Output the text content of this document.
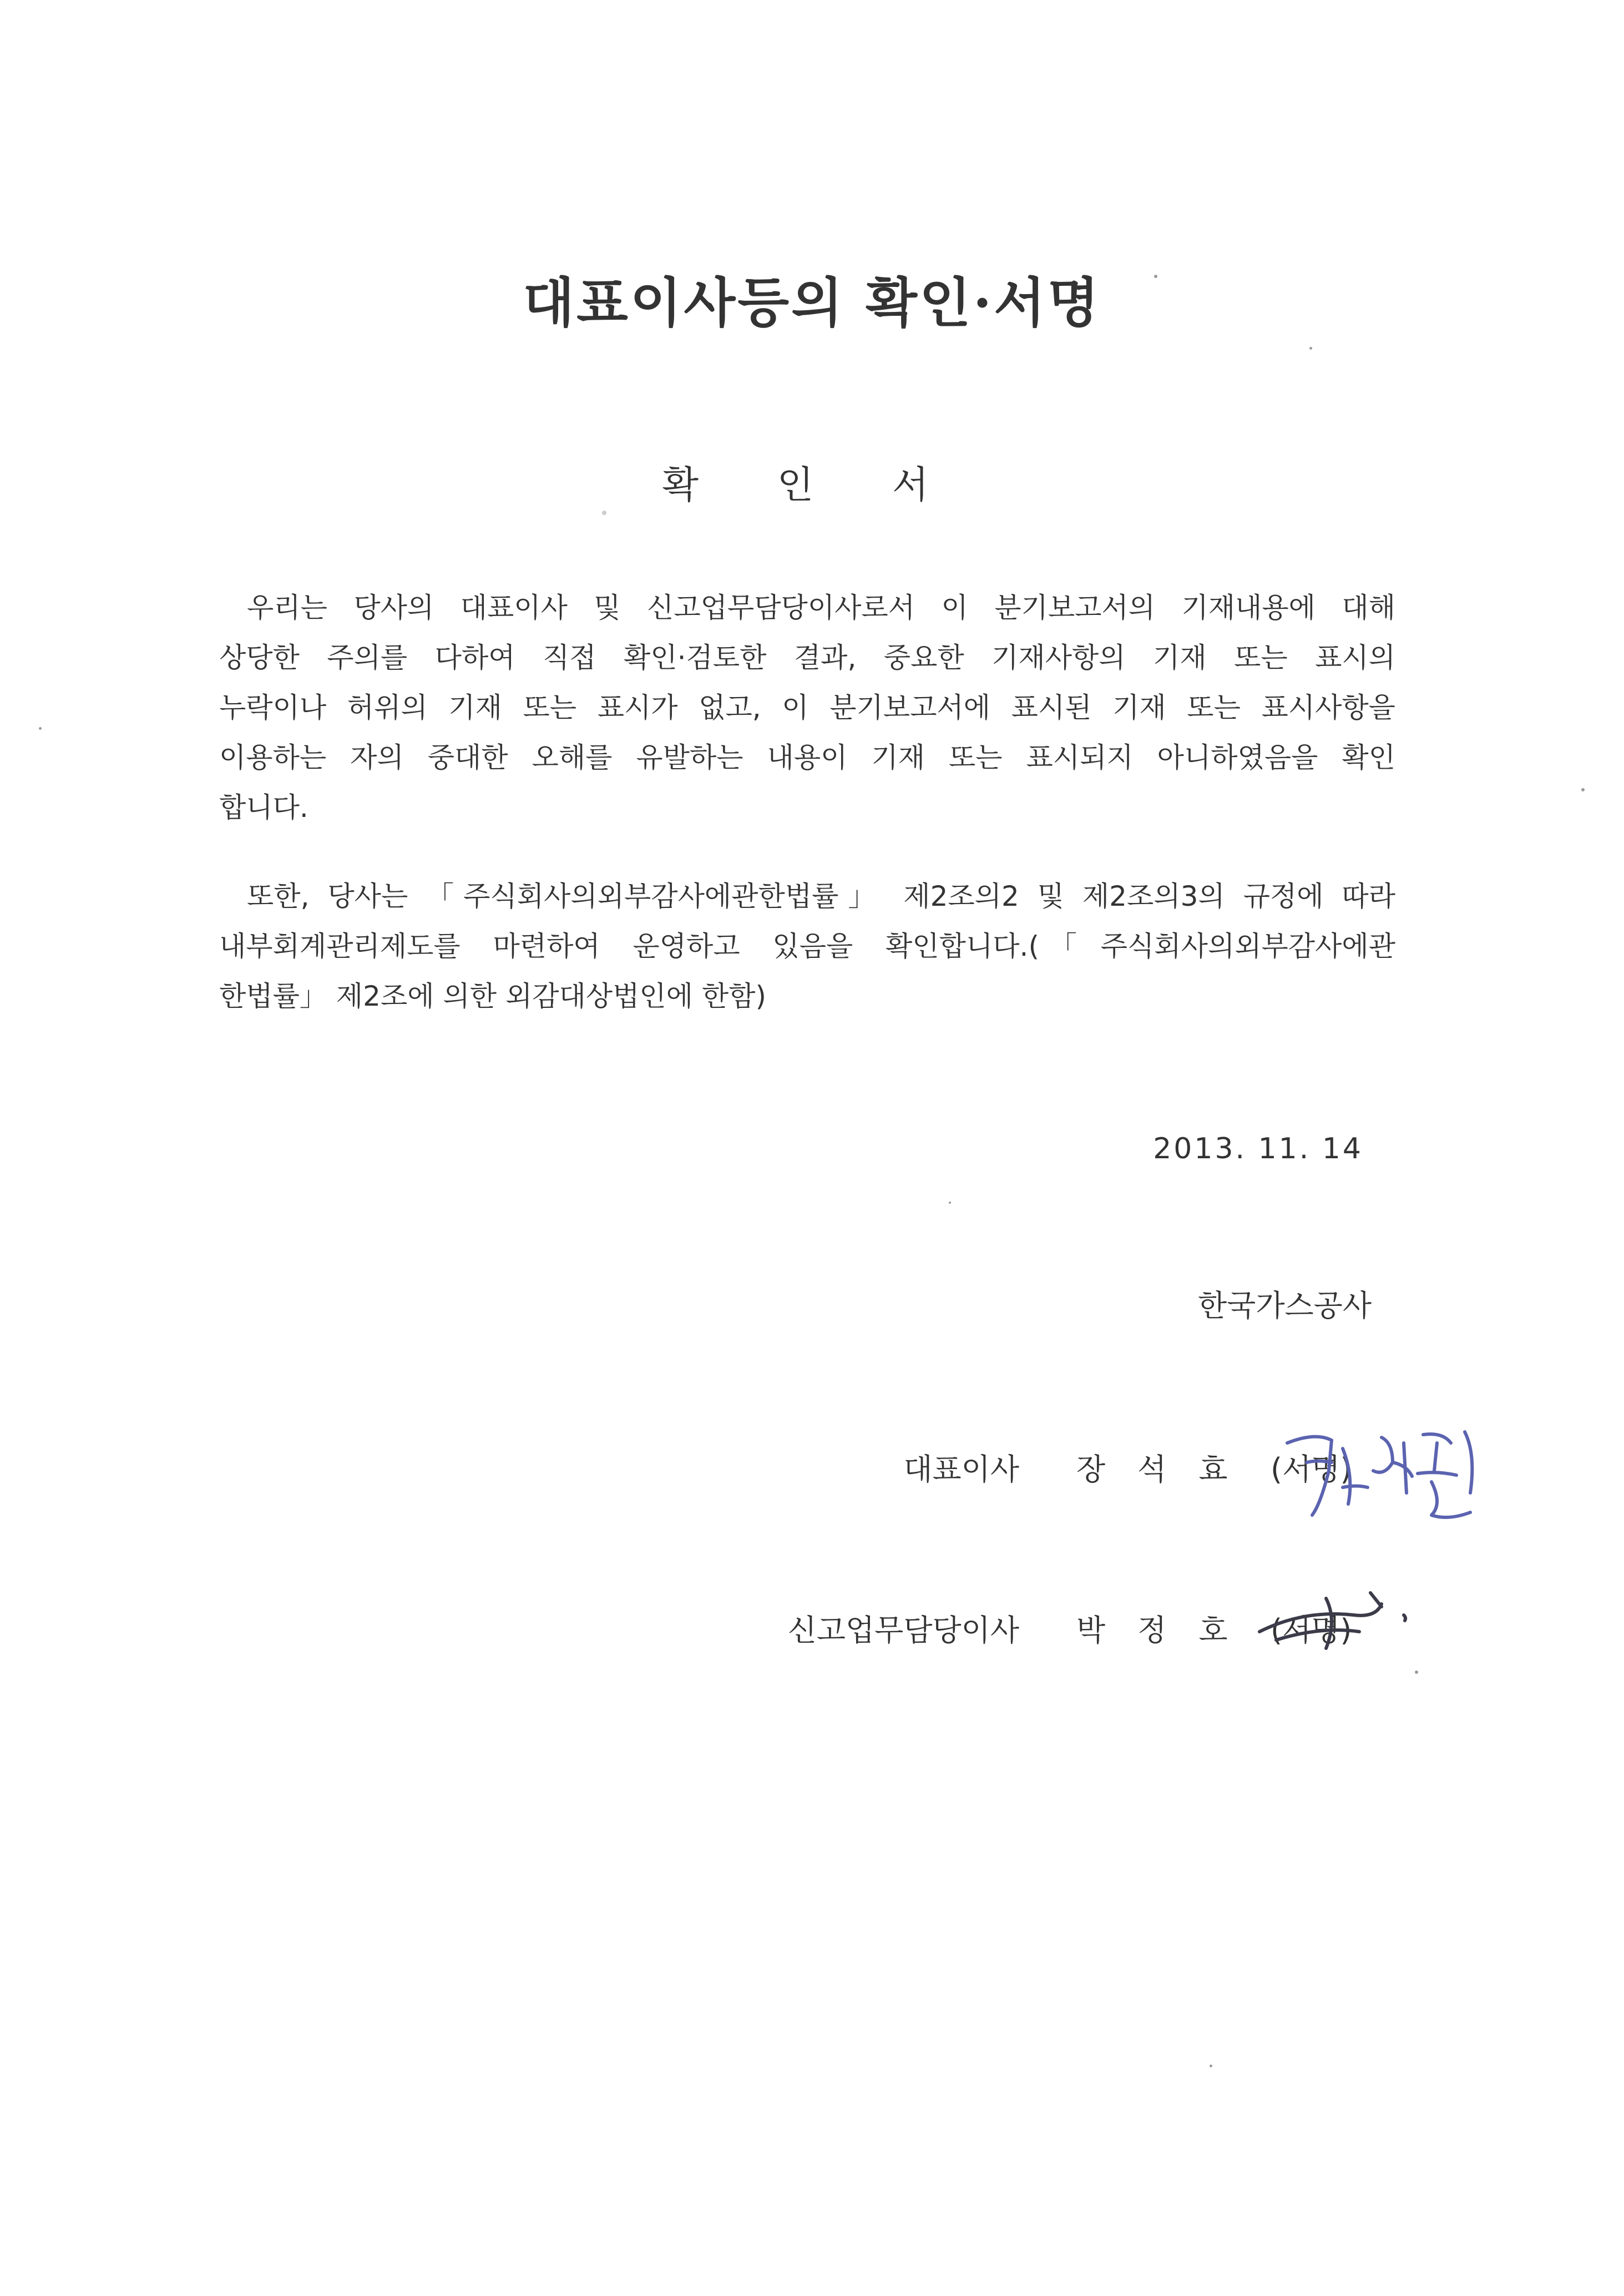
대표이사등의 확인·서명
확 인 서
우리는 당사의 대표이사 및 신고업무담당이사로서 이 분기보고서의 기재내용에 대해
상당한 주의를 다하여 직접 확인·검토한 결과, 중요한 기재사항의 기재 또는 표시의
누락이나 허위의 기재 또는 표시가 없고, 이 분기보고서에 표시된 기재 또는 표시사항을
이용하는 자의 중대한 오해를 유발하는 내용이 기재 또는 표시되지 아니하였음을 확인
합니다.
또한, 당사는 「주식회사의외부감사에관한법률」 제2조의2 및 제2조의3의 규정에 따라
내부회계관리제도를 마련하여 운영하고 있음을 확인합니다.(「주식회사의외부감사에관
한법률」 제2조에 의한 외감대상법인에 한함)
2013. 11. 14
한국가스공사
대표이사 장석효 (서명)
신고업무담당이사 박정호 (서명)
